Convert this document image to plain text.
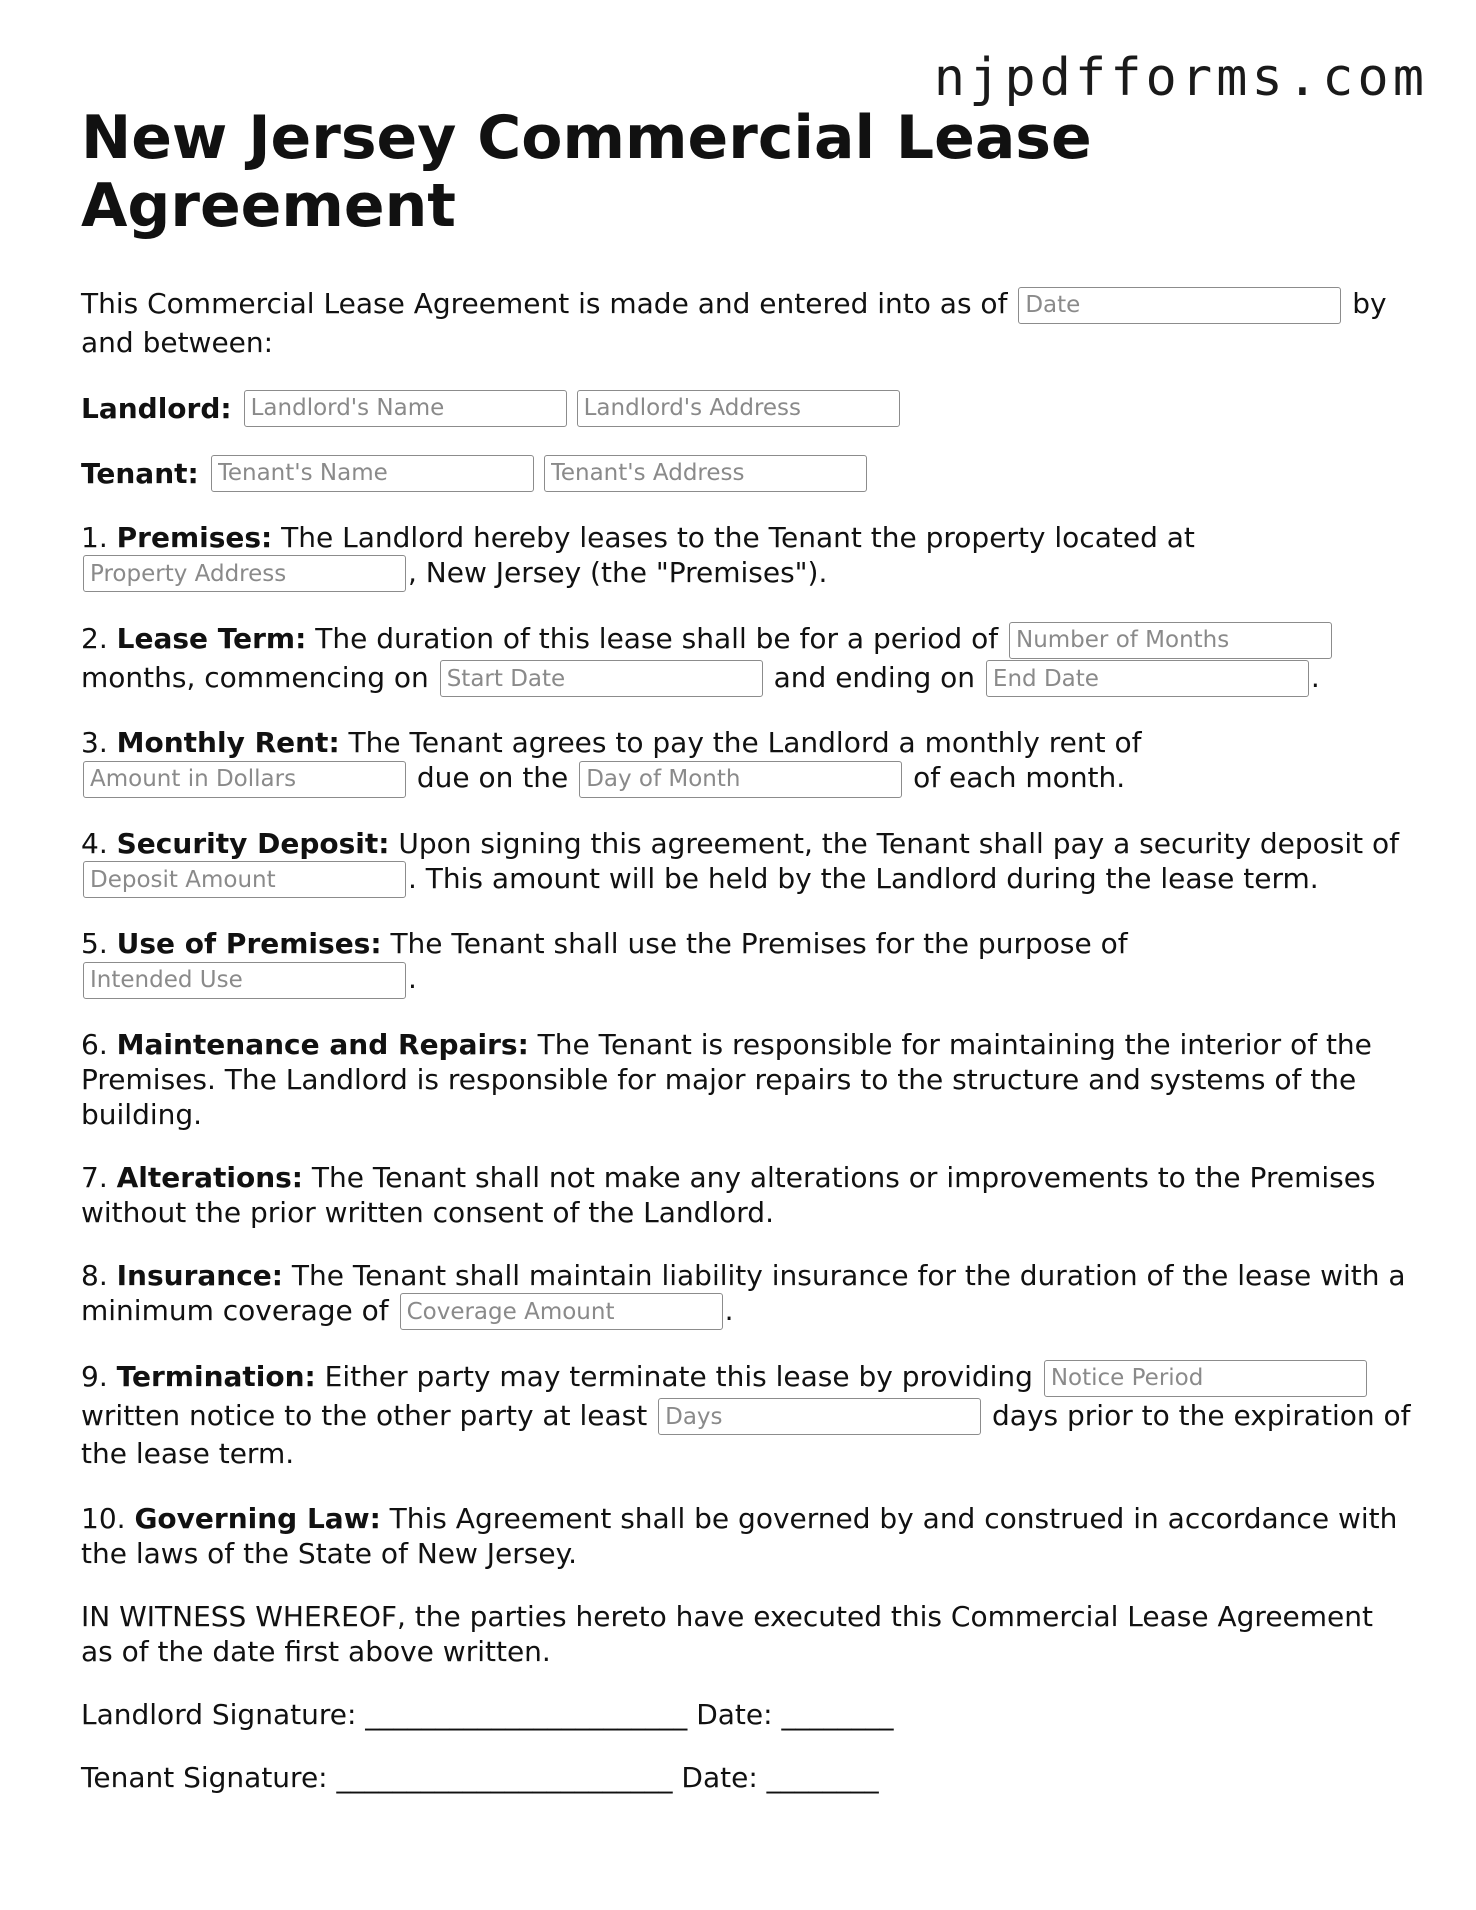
njpdfforms.com
New Jersey Commercial Lease Agreement

This Commercial Lease Agreement is made and entered into as of Date	by and between:

Landlord:
Landlord's Name
Landlord's Address
Tenant:
Tenant's Name
Tenant's Address

1. Premises: The Landlord hereby leases to the Tenant the property located at Property Address, New Jersey (the "Premises").

2. Lease Term: The duration of this lease shall be for a period of Number of Months months, commencing on Start Date	and ending on End Date	.

3. Monthly Rent: The Tenant agrees to pay the Landlord a monthly rent of Amount in Dollars due on the Day of Month	of each month.

4. Security Deposit: Upon signing this agreement, the Tenant shall pay a security deposit of Deposit Amount. This amount will be held by the Landlord during the lease term.

5. Use of Premises: The Tenant shall use the Premises for the purpose of Intended Use.

6. Maintenance and Repairs: The Tenant is responsible for maintaining the interior of the Premises. The Landlord is responsible for major repairs to the structure and systems of the building.

7. Alterations: The Tenant shall not make any alterations or improvements to the Premises without the prior written consent of the Landlord.

8. Insurance: The Tenant shall maintain liability insurance for the duration of the lease with a minimum coverage of Coverage Amount	.

9. Termination: Either party may terminate this lease by providing Notice Period written notice to the other party at least Days	days prior to the expiration of the lease term.

10. Governing Law: This Agreement shall be governed by and construed in accordance with the laws of the State of New Jersey.

IN WITNESS WHEREOF, the parties hereto have executed this Commercial Lease Agreement as of the date first above written.

Landlord Signature: _______________________ Date: ________

Tenant Signature: ________________________ Date: ________
